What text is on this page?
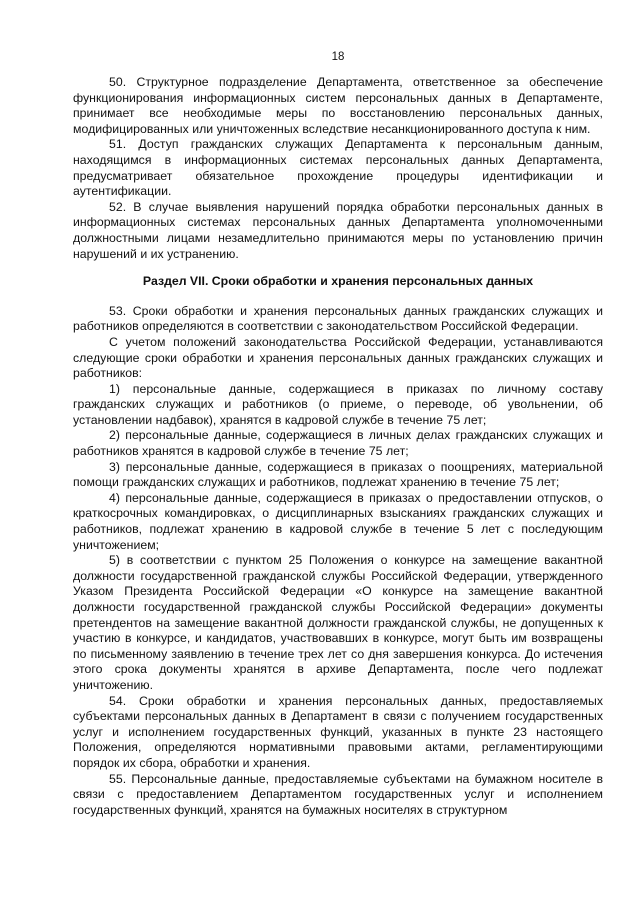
18

50. Структурное подразделение Департамента, ответственное за обеспечение функционирования информационных систем персональных данных в Департаменте, принимает все необходимые меры по восстановлению персональных данных, модифицированных или уничтоженных вследствие несанкционированного доступа к ним.

51. Доступ гражданских служащих Департамента к персональным данным, находящимся в информационных системах персональных данных Департамента, предусматривает обязательное прохождение процедуры идентификации и аутентификации.

52. В случае выявления нарушений порядка обработки персональных данных в информационных системах персональных данных Департамента уполномоченными должностными лицами незамедлительно принимаются меры по установлению причин нарушений и их устранению.

Раздел VII. Сроки обработки и хранения персональных данных

53. Сроки обработки и хранения персональных данных гражданских служащих и работников определяются в соответствии с законодательством Российской Федерации.

С учетом положений законодательства Российской Федерации, устанавливаются следующие сроки обработки и хранения персональных данных гражданских служащих и работников:

1) персональные данные, содержащиеся в приказах по личному составу гражданских служащих и работников (о приеме, о переводе, об увольнении, об установлении надбавок), хранятся в кадровой службе в течение 75 лет;

2) персональные данные, содержащиеся в личных делах гражданских служащих и работников хранятся в кадровой службе в течение 75 лет;

3) персональные данные, содержащиеся в приказах о поощрениях, материальной помощи гражданских служащих и работников, подлежат хранению в течение 75 лет;

4) персональные данные, содержащиеся в приказах о предоставлении отпусков, о краткосрочных командировках, о дисциплинарных взысканиях гражданских служащих и работников, подлежат хранению в кадровой службе в течение 5 лет с последующим уничтожением;

5) в соответствии с пунктом 25 Положения о конкурсе на замещение вакантной должности государственной гражданской службы Российской Федерации, утвержденного Указом Президента Российской Федерации «О конкурсе на замещение вакантной должности государственной гражданской службы Российской Федерации» документы претендентов на замещение вакантной должности гражданской службы, не допущенных к участию в конкурсе, и кандидатов, участвовавших в конкурсе, могут быть им возвращены по письменному заявлению в течение трех лет со дня завершения конкурса. До истечения этого срока документы хранятся в архиве Департамента, после чего подлежат уничтожению.

54. Сроки обработки и хранения персональных данных, предоставляемых субъектами персональных данных в Департамент в связи с получением государственных услуг и исполнением государственных функций, указанных в пункте 23 настоящего Положения, определяются нормативными правовыми актами, регламентирующими порядок их сбора, обработки и хранения.

55. Персональные данные, предоставляемые субъектами на бумажном носителе в связи с предоставлением Департаментом государственных услуг и исполнением государственных функций, хранятся на бумажных носителях в структурном
